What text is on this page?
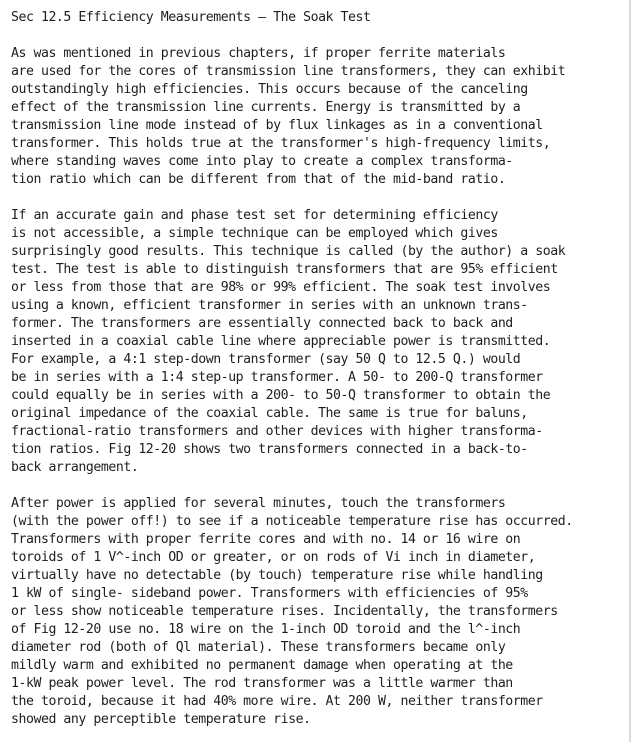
Sec 12.5 Efficiency Measurements — The Soak Test
As was mentioned in previous chapters, if proper ferrite materials
are used for the cores of transmission line transformers, they can exhibit
outstandingly high efficiencies. This occurs because of the canceling
effect of the transmission line currents. Energy is transmitted by a
transmission line mode instead of by flux linkages as in a conventional
transformer. This holds true at the transformer's high-frequency limits,
where standing waves come into play to create a complex transforma-
tion ratio which can be different from that of the mid-band ratio.
If an accurate gain and phase test set for determining efficiency
is not accessible, a simple technique can be employed which gives
surprisingly good results. This technique is called (by the author) a soak
test. The test is able to distinguish transformers that are 95% efficient
or less from those that are 98% or 99% efficient. The soak test involves
using a known, efficient transformer in series with an unknown trans-
former. The transformers are essentially connected back to back and
inserted in a coaxial cable line where appreciable power is transmitted.
For example, a 4:1 step-down transformer (say 50 Q to 12.5 Q.) would
be in series with a 1:4 step-up transformer. A 50- to 200-Q transformer
could equally be in series with a 200- to 50-Q transformer to obtain the
original impedance of the coaxial cable. The same is true for baluns,
fractional-ratio transformers and other devices with higher transforma-
tion ratios. Fig 12-20 shows two transformers connected in a back-to-
back arrangement.
After power is applied for several minutes, touch the transformers
(with the power off!) to see if a noticeable temperature rise has occurred.
Transformers with proper ferrite cores and with no. 14 or 16 wire on
toroids of 1 V^-inch OD or greater, or on rods of Vi inch in diameter,
virtually have no detectable (by touch) temperature rise while handling
1 kW of single- sideband power. Transformers with efficiencies of 95%
or less show noticeable temperature rises. Incidentally, the transformers
of Fig 12-20 use no. 18 wire on the 1-inch OD toroid and the l^-inch
diameter rod (both of Ql material). These transformers became only
mildly warm and exhibited no permanent damage when operating at the
1-kW peak power level. The rod transformer was a little warmer than
the toroid, because it had 40% more wire. At 200 W, neither transformer
showed any perceptible temperature rise.
